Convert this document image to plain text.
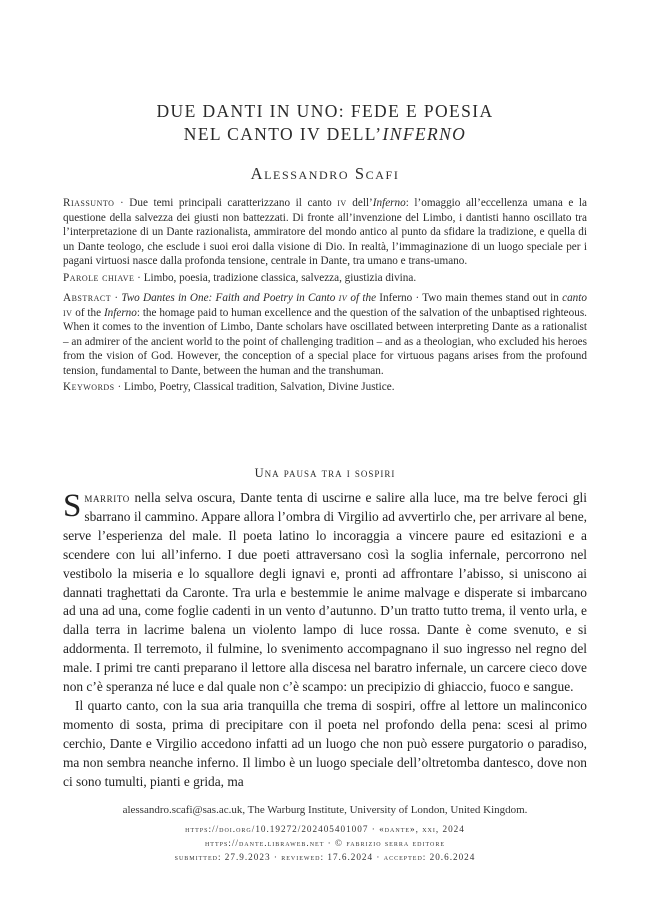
DUE DANTI IN UNO: FEDE E POESIA
NEL CANTO IV DELL’INFERNO
Alessandro Scafi

Riassunto · Due temi principali caratterizzano il canto iv dell’Inferno: l’omaggio all’eccellenza umana e la questione della salvezza dei giusti non battezzati. Di fronte all’invenzione del Limbo, i dantisti hanno oscillato tra l’interpretazione di un Dante razionalista, ammiratore del mondo antico al punto da sfidare la tradizione, e quella di un Dante teologo, che esclude i suoi eroi dalla visione di Dio. In realtà, l’immaginazione di un luogo speciale per i pagani virtuosi nasce dalla profonda tensione, centrale in Dante, tra umano e trans-umano.

Parole chiave · Limbo, poesia, tradizione classica, salvezza, giustizia divina.

Abstract · Two Dantes in One: Faith and Poetry in Canto iv of the Inferno · Two main themes stand out in canto iv of the Inferno: the homage paid to human excellence and the question of the salvation of the unbaptised righteous. When it comes to the invention of Limbo, Dante scholars have oscillated between interpreting Dante as a rationalist – an admirer of the ancient world to the point of challenging tradition – and as a theologian, who excluded his heroes from the vision of God. However, the conception of a special place for virtuous pagans arises from the profound tension, fundamental to Dante, between the human and the transhuman.

Keywords · Limbo, Poetry, Classical tradition, Salvation, Divine Justice.

Una pausa tra i sospiri

Smarrito nella selva oscura, Dante tenta di uscirne e salire alla luce, ma tre belve feroci gli sbarrano il cammino. Appare allora l’ombra di Virgilio ad avvertirlo che, per arrivare al bene, serve l’esperienza del male. Il poeta latino lo incoraggia a vincere paure ed esitazioni e a scendere con lui all’inferno. I due poeti attraversano così la soglia infernale, percorrono nel vestibolo la miseria e lo squallore degli ignavi e, pronti ad affrontare l’abisso, si uniscono ai dannati traghettati da Caronte. Tra urla e bestemmie le anime malvage e disperate si imbarcano ad una ad una, come foglie cadenti in un vento d’autunno. D’un tratto tutto trema, il vento urla, e dalla terra in lacrime balena un violento lampo di luce rossa. Dante è come svenuto, e si addormenta. Il terremoto, il fulmine, lo svenimento accompagnano il suo ingresso nel regno del male. I primi tre canti preparano il lettore alla discesa nel baratro infernale, un carcere cieco dove non c’è speranza né luce e dal quale non c’è scampo: un precipizio di ghiaccio, fuoco e sangue.

Il quarto canto, con la sua aria tranquilla che trema di sospiri, offre al lettore un malinconico momento di sosta, prima di precipitare con il poeta nel profondo della pena: scesi al primo cerchio, Dante e Virgilio accedono infatti ad un luogo che non può essere purgatorio o paradiso, ma non sembra neanche inferno. Il limbo è un luogo speciale dell’oltretomba dantesco, dove non ci sono tumulti, pianti e grida, ma

alessandro.scafi@sas.ac.uk, The Warburg Institute, University of London, United Kingdom.
https://doi.org/10.19272/202405401007 · «dante», xxi, 2024
https://dante.libraweb.net · © fabrizio serra editore
submitted: 27.9.2023 · reviewed: 17.6.2024 · accepted: 20.6.2024
